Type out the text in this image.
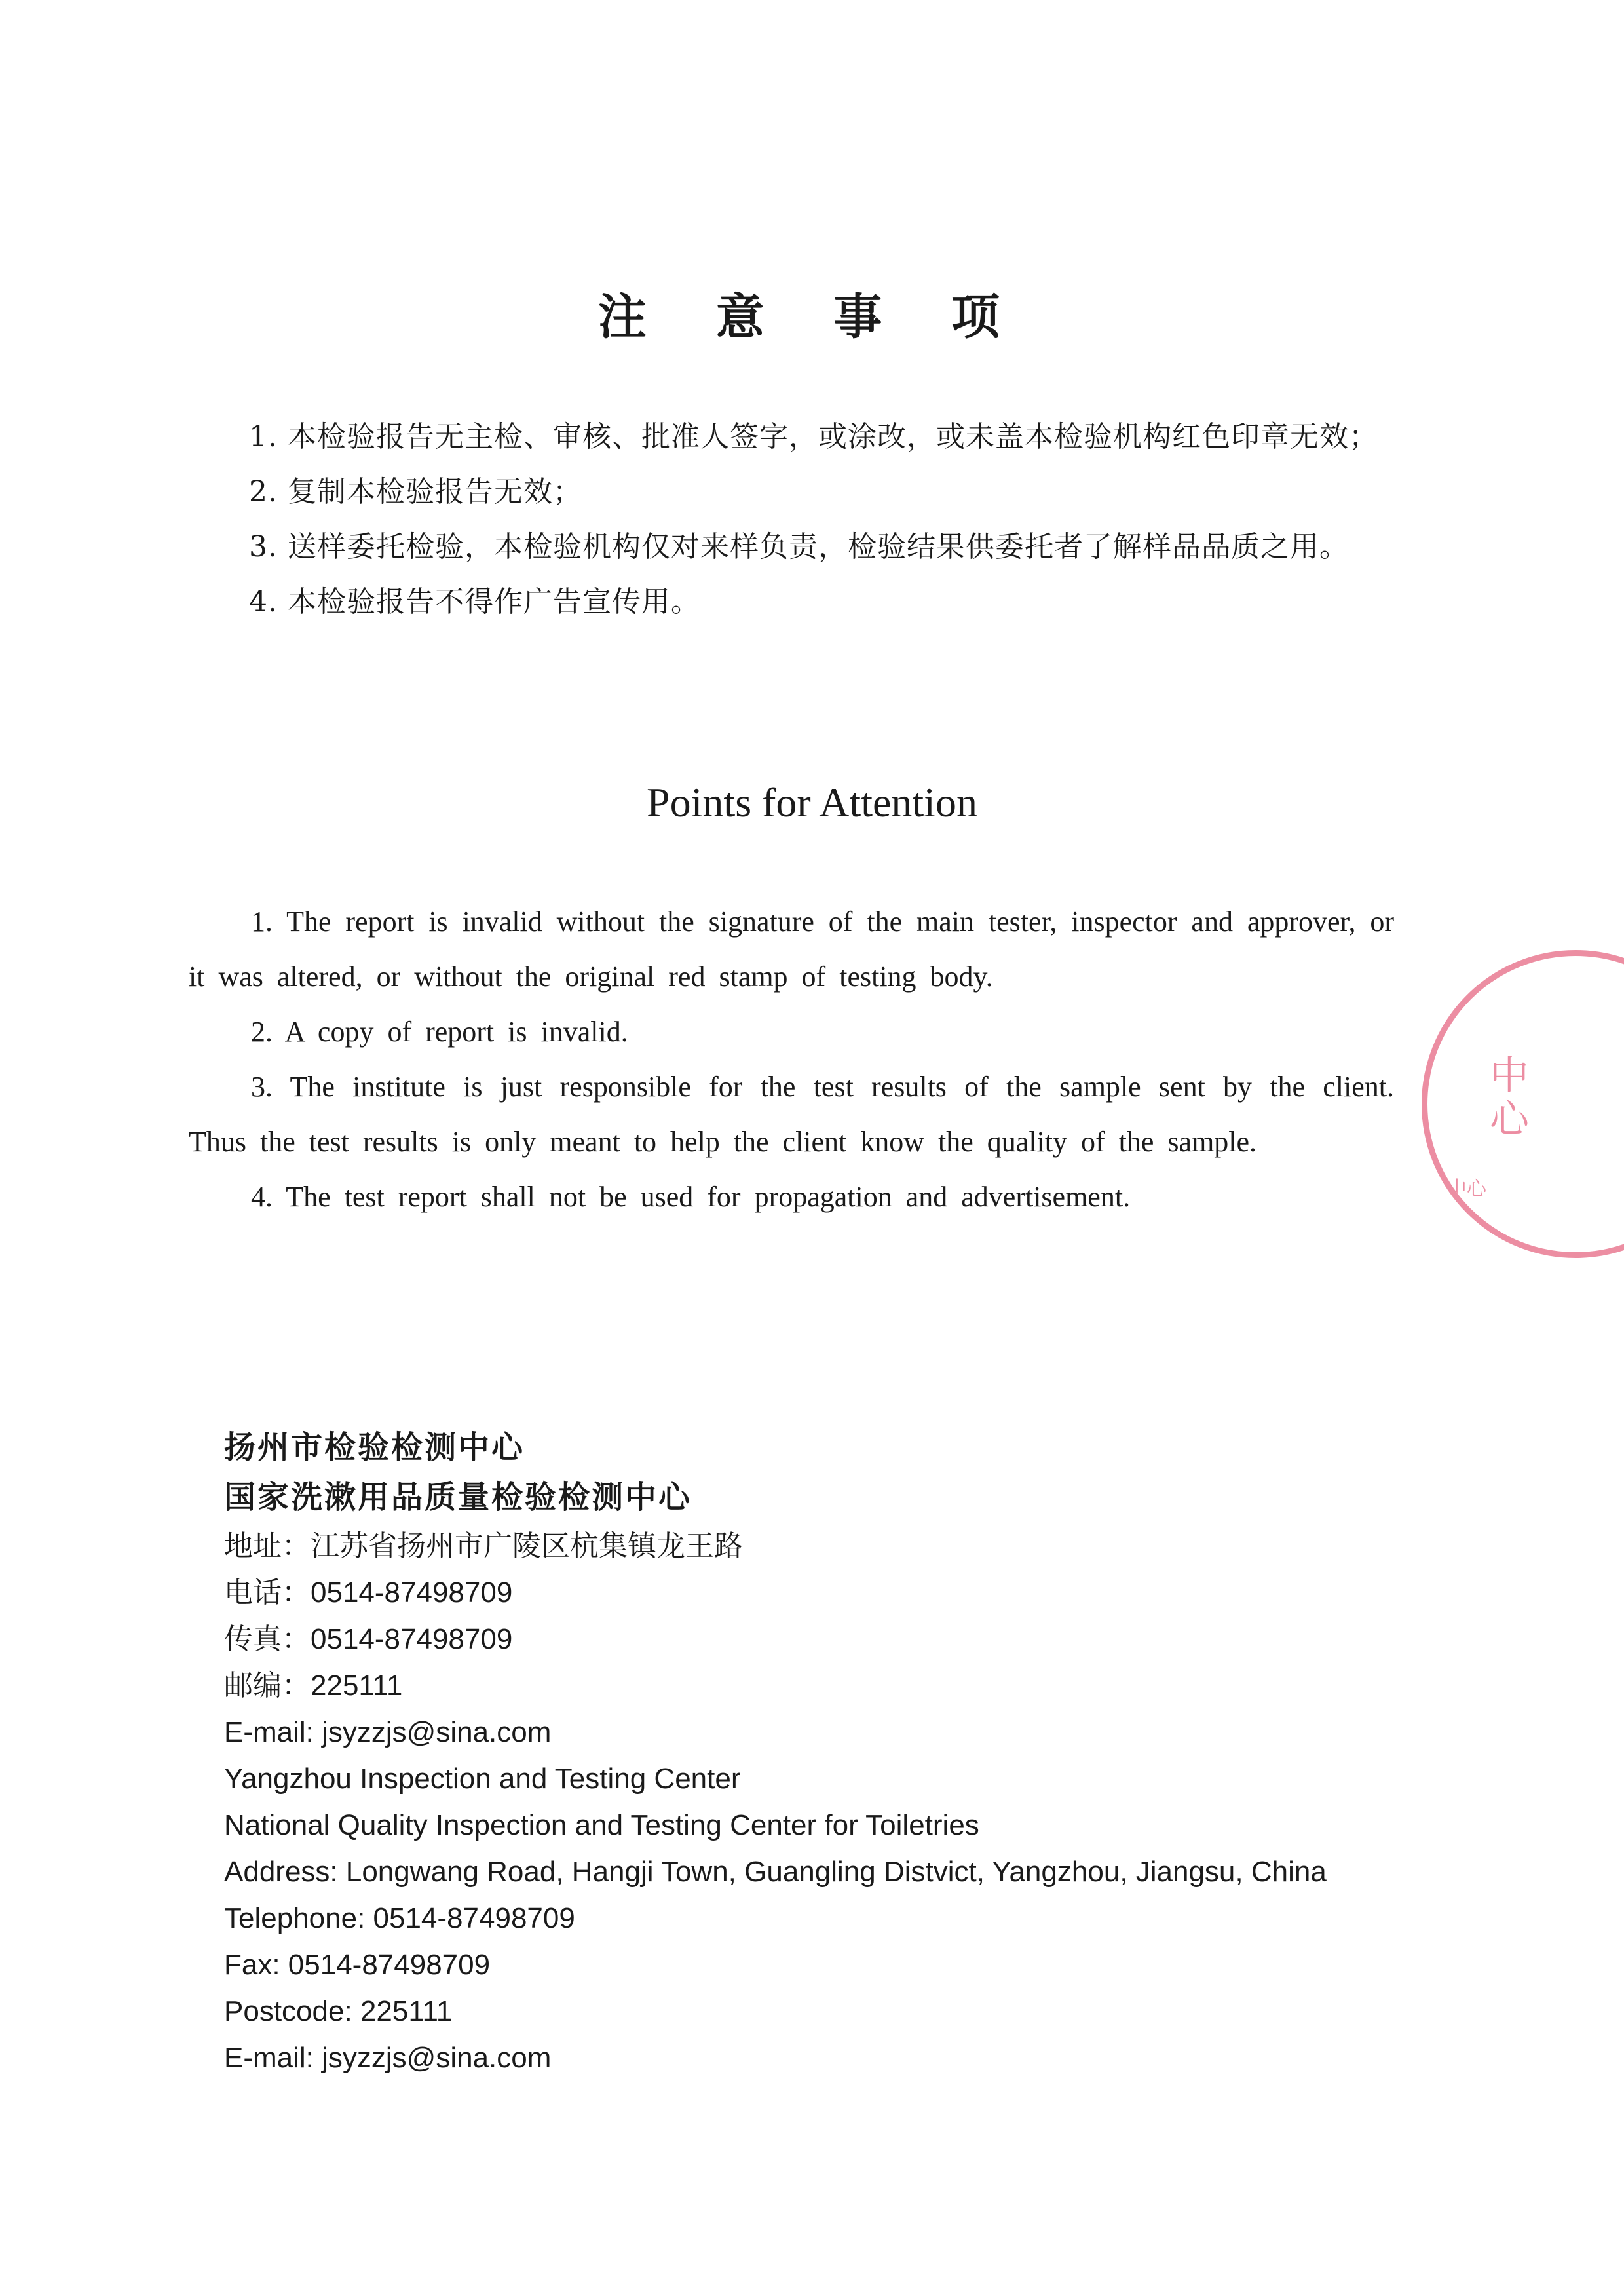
注 意 事 项
1. 本检验报告无主检、审核、批准人签字，或涂改，或未盖本检验机构红色印章无效；
2. 复制本检验报告无效；
3. 送样委托检验，本检验机构仅对来样负责，检验结果供委托者了解样品品质之用。
4. 本检验报告不得作广告宣传用。
Points for Attention
1. The report is invalid without the signature of the main tester, inspector and approver, or it was altered, or without the original red stamp of testing body.
2. A copy of report is invalid.
3. The institute is just responsible for the test results of the sample sent by the client. Thus the test results is only meant to help the client know the quality of the sample.
4. The test report shall not be used for propagation and advertisement.
扬州市检验检测中心
国家洗漱用品质量检验检测中心
地址：江苏省扬州市广陵区杭集镇龙王路
电话：0514-87498709
传真：0514-87498709
邮编：225111
E-mail: jsyzzjs@sina.com
Yangzhou Inspection and Testing Center
National Quality Inspection and Testing Center for Toiletries
Address: Longwang Road, Hangji Town, Guangling Distvict, Yangzhou, Jiangsu, China
Telephone: 0514-87498709
Fax: 0514-87498709
Postcode: 225111
E-mail: jsyzzjs@sina.com
中心
中心
